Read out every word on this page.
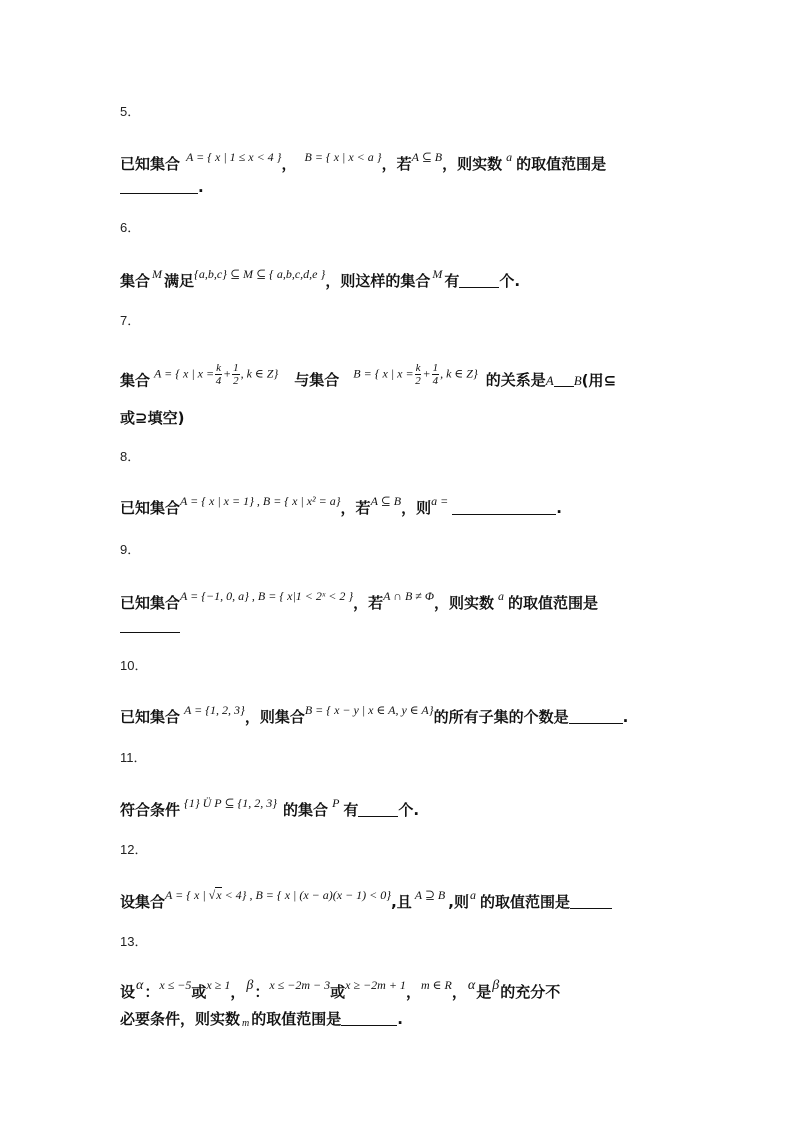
5．
已知集合 A = { x | 1 ≤ x < 4 }， B = { x | x < a }，若A ⊆ B，则实数 a 的取值范围是
.
6．
集合 M 满足{a,b,c} ⊆ M ⊆ { a,b,c,d,e }，则这样的集合 M 有	个.
7．
集合 A = { x | $x = \frac{k}{4} + \frac{1}{2}$ , k ∈ Z} 与集合 B = { x | $x = \frac{k}{2} + \frac{1}{4}$ , k ∈ Z} 的关系是A B(用⊆
或⊇填空)
8．
已知集合A = { x | x = 1} , B = { x | x² = a}，若A ⊆ B，则a =	.
9．
已知集合A = {−1, 0, a} , B = { x|1 < 2ˣ < 2 }，若A ∩ B ≠ Φ，则实数 a 的取值范围是
10．
已知集合 A = {1, 2, 3}，则集合B = { x − y | x ∈ A, y ∈ A}的所有子集的个数是	.
11．
符合条件 {1} Ü P ⊆ {1, 2, 3} 的集合 P 有	个.
12．
设集合A = { x | √x < 4} , B = { x | (x − a)(x − 1) < 0},且 A ⊇ B ,则a 的取值范围是
13．
设α：x ≤ −5或x ≥ 1，β：x ≤ −2m − 3或x ≥ −2m + 1，m ∈ R，α是β的充分不
必要条件，则实数 m 的取值范围是	.
